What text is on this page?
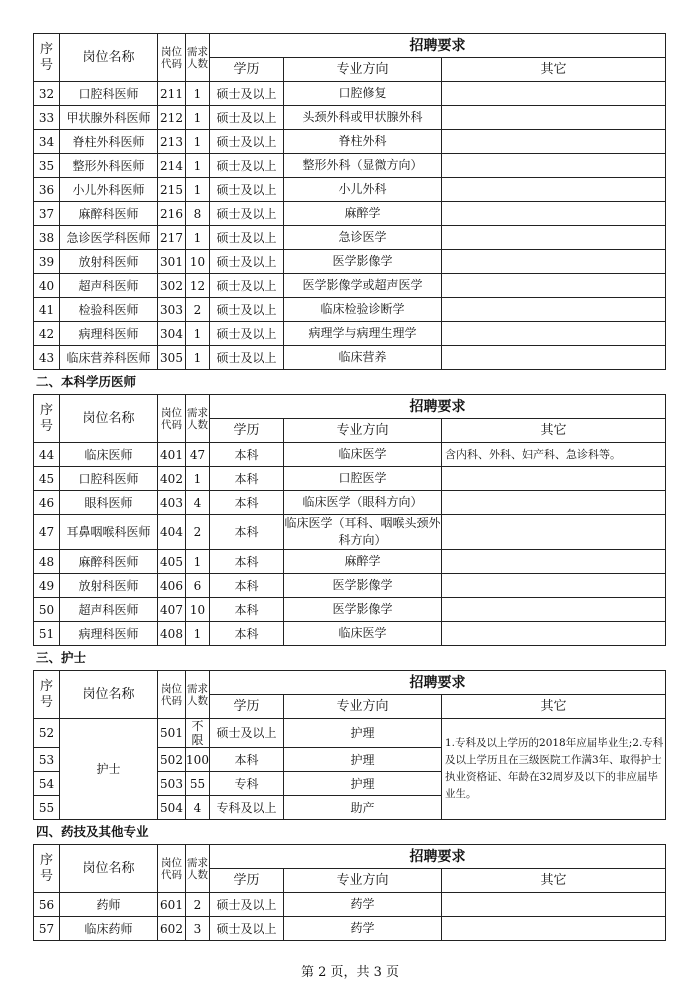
序号	岗位名称	岗位代码	需求人数	招聘要求		
				学历	专业方向	其它
32	口腔科医师	211	1	硕士及以上	口腔修复	
33	甲状腺外科医师	212	1	硕士及以上	头颈外科或甲状腺外科	
34	脊柱外科医师	213	1	硕士及以上	脊柱外科	
35	整形外科医师	214	1	硕士及以上	整形外科（显微方向）	
36	小儿外科医师	215	1	硕士及以上	小儿外科	
37	麻醉科医师	216	8	硕士及以上	麻醉学	
38	急诊医学科医师	217	1	硕士及以上	急诊医学	
39	放射科医师	301	10	硕士及以上	医学影像学	
40	超声科医师	302	12	硕士及以上	医学影像学或超声医学	
41	检验科医师	303	2	硕士及以上	临床检验诊断学	
42	病理科医师	304	1	硕士及以上	病理学与病理生理学	
43	临床营养科医师	305	1	硕士及以上	临床营养	
二、本科学历医师
序号	岗位名称	岗位代码	需求人数	招聘要求		
				学历	专业方向	其它
44	临床医师	401	47	本科	临床医学	含内科、外科、妇产科、急诊科等。
45	口腔科医师	402	1	本科	口腔医学	
46	眼科医师	403	4	本科	临床医学（眼科方向）	
47	耳鼻咽喉科医师	404	2	本科	临床医学（耳科、咽喉头颈外科方向）	
48	麻醉科医师	405	1	本科	麻醉学	
49	放射科医师	406	6	本科	医学影像学	
50	超声科医师	407	10	本科	医学影像学	
51	病理科医师	408	1	本科	临床医学	
三、护士
序号	岗位名称	岗位代码	需求人数	招聘要求		
				学历	专业方向	其它
52	护士	501	不限	硕士及以上	护理	1.专科及以上学历的2018年应届毕业生;2.专科及以上学历且在三级医院工作满3年、取得护士执业资格证、年龄在32周岁及以下的非应届毕业生。
53		502	100	本科	护理	
54		503	55	专科	护理	
55		504	4	专科及以上	助产	
四、药技及其他专业
序号	岗位名称	岗位代码	需求人数	招聘要求		
				学历	专业方向	其它
56	药师	601	2	硕士及以上	药学	
57	临床药师	602	3	硕士及以上	药学	
第 2 页，共 3 页
